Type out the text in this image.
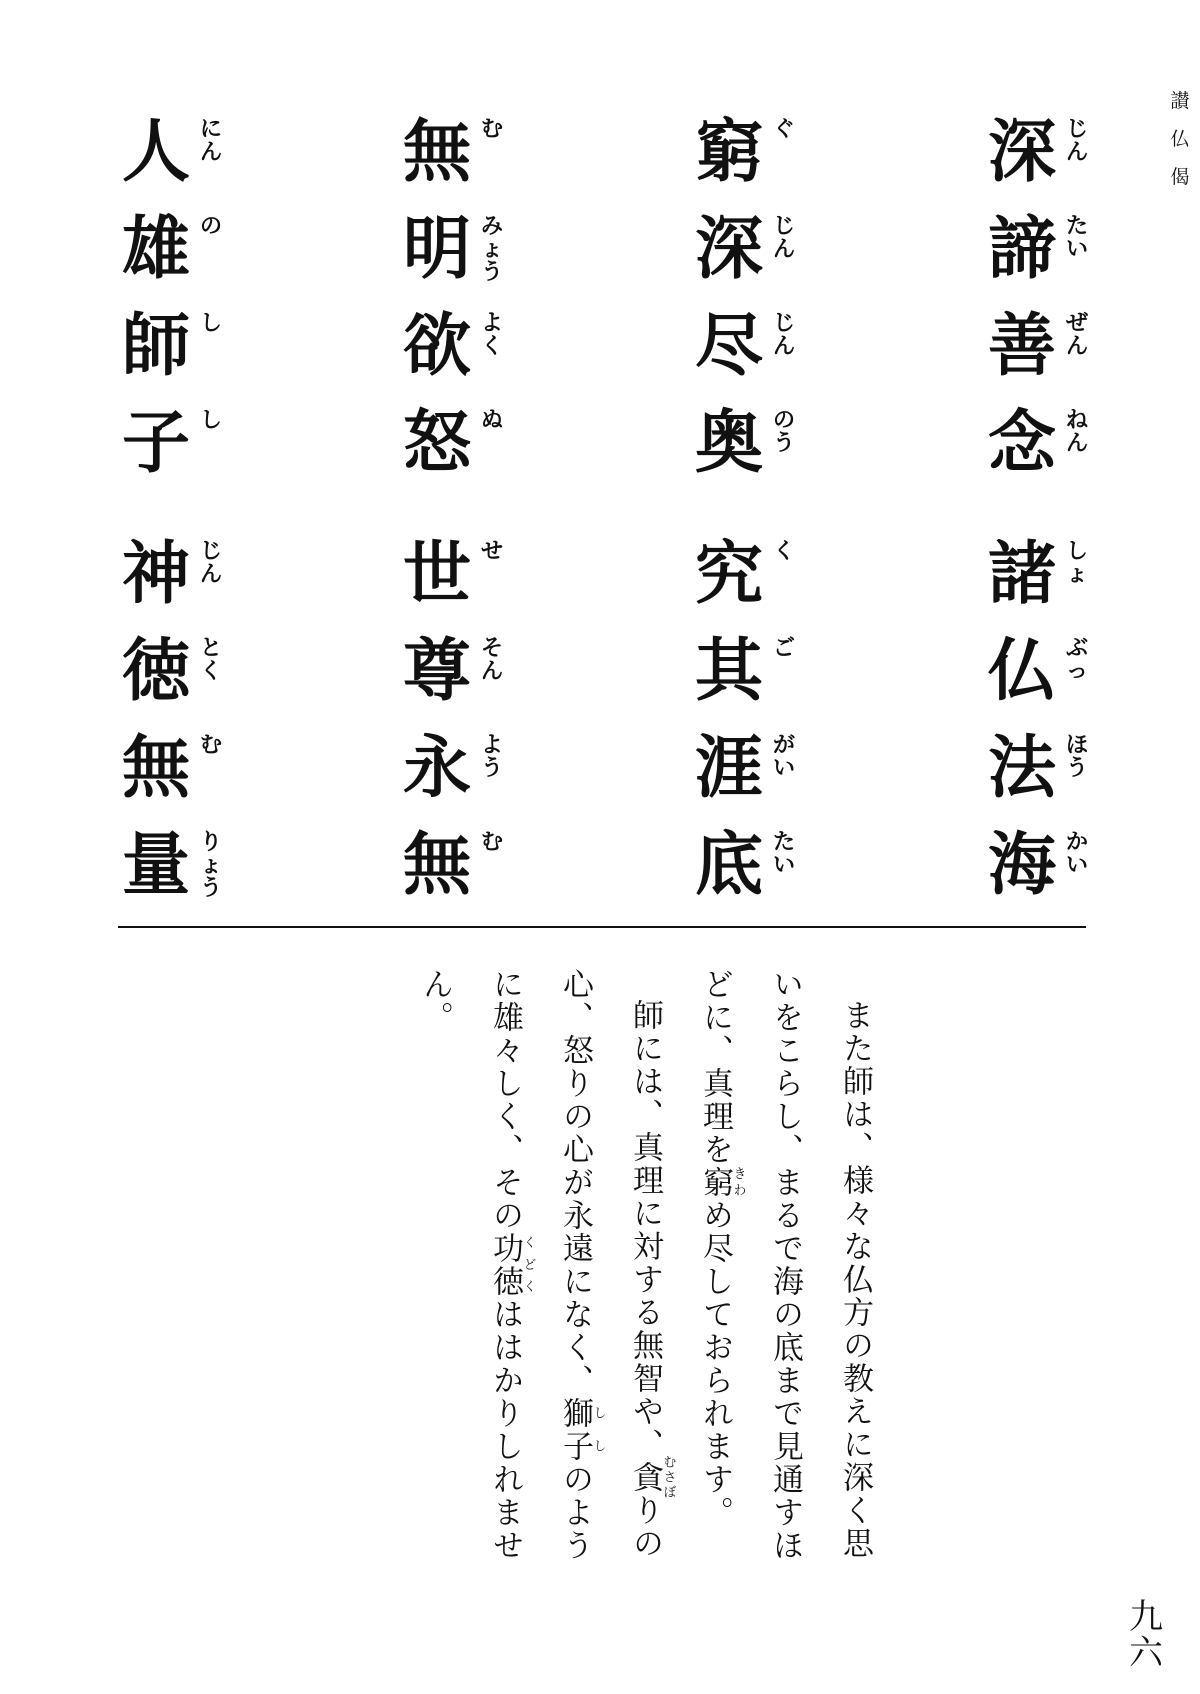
讃
仏
偈
深 じ
ん
諦 た
い
善 ぜ
ん
念 ね
ん
窮 ぐ
深 じ
ん
尽 じ
ん
奥 の
う
無 む
明 み
ょ
う
欲 よ
く
怒 ぬ
人 に
ん
雄 の
師 し
子 し
諸 し
ょ
仏 ぶ
っ
法 ほ
う
海 か
い
究 く
其 ご
涯 が
い
底 た
い
世 せ
尊 そ
ん
永 よ
う
無 む
神 じ
ん
徳 と
く
無 む
量 り
ょ
う

また師は、様々な仏方の教えに深く思いをこらし、まるで海の底まで見通すほどに、真理を窮きわめ尽しておられます。

師には、真理に対する無智や、貪むさぼりの心、怒りの心が永遠になく、獅子ししのように雄々しく、その功徳くどくははかりしれません。

九
六
